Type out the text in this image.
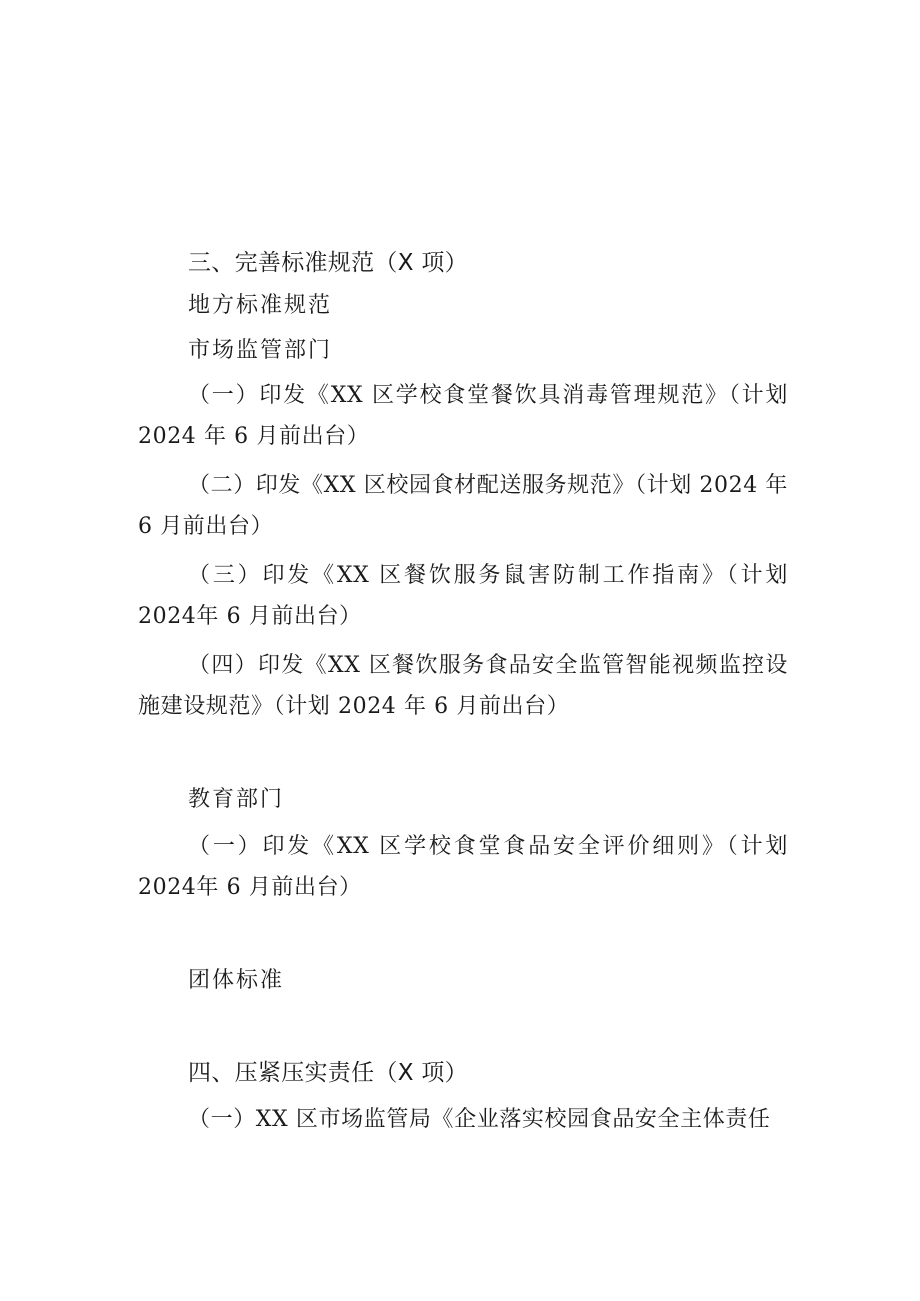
三、完善标准规范（X 项）
地方标准规范
市场监管部门
（一）印发《XX 区学校食堂餐饮具消毒管理规范》（计划2024 年 6 月前出台）
（二）印发《XX 区校园食材配送服务规范》（计划 2024 年6 月前出台）
（三）印发《XX 区餐饮服务鼠害防制工作指南》（计划 2024年 6 月前出台）
（四）印发《XX 区餐饮服务食品安全监管智能视频监控设施建设规范》（计划 2024 年 6 月前出台）
教育部门
（一）印发《XX 区学校食堂食品安全评价细则》（计划 2024年 6 月前出台）
团体标准
四、压紧压实责任（X 项）
（一）XX 区市场监管局《企业落实校园食品安全主体责任
